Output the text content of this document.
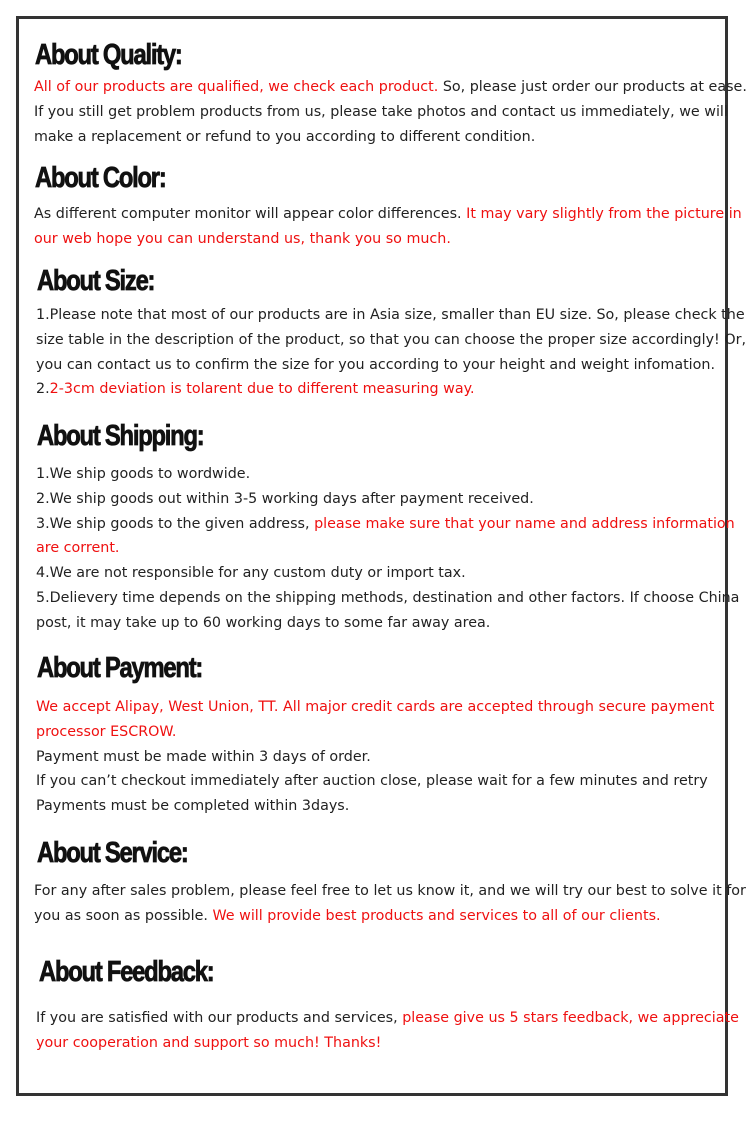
About Quality:
All of our products are qualified, we check each product. So, please just order our products at ease.
If you still get problem products from us, please take photos and contact us immediately, we will
make a replacement or refund to you according to different condition.
About Color:
As different computer monitor will appear color differences. It may vary slightly from the picture in
our web hope you can understand us, thank you so much.
About Size:
1.Please note that most of our products are in Asia size, smaller than EU size. So, please check the
size table in the description of the product, so that you can choose the proper size accordingly! Or,
you can contact us to confirm the size for you according to your height and weight infomation.
2.2-3cm deviation is tolarent due to different measuring way.
About Shipping:
1.We ship goods to wordwide.
2.We ship goods out within 3-5 working days after payment received.
3.We ship goods to the given address, please make sure that your name and address information
are corrent.
4.We are not responsible for any custom duty or import tax.
5.Delievery time depends on the shipping methods, destination and other factors. If choose China
post, it may take up to 60 working days to some far away area.
About Payment:
We accept Alipay, West Union, TT. All major credit cards are accepted through secure payment
processor ESCROW.
Payment must be made within 3 days of order.
If you can’t checkout immediately after auction close, please wait for a few minutes and retry
Payments must be completed within 3days.
About Service:
For any after sales problem, please feel free to let us know it, and we will try our best to solve it for
you as soon as possible. We will provide best products and services to all of our clients.
About Feedback:
If you are satisfied with our products and services, please give us 5 stars feedback, we appreciate
your cooperation and support so much! Thanks!
